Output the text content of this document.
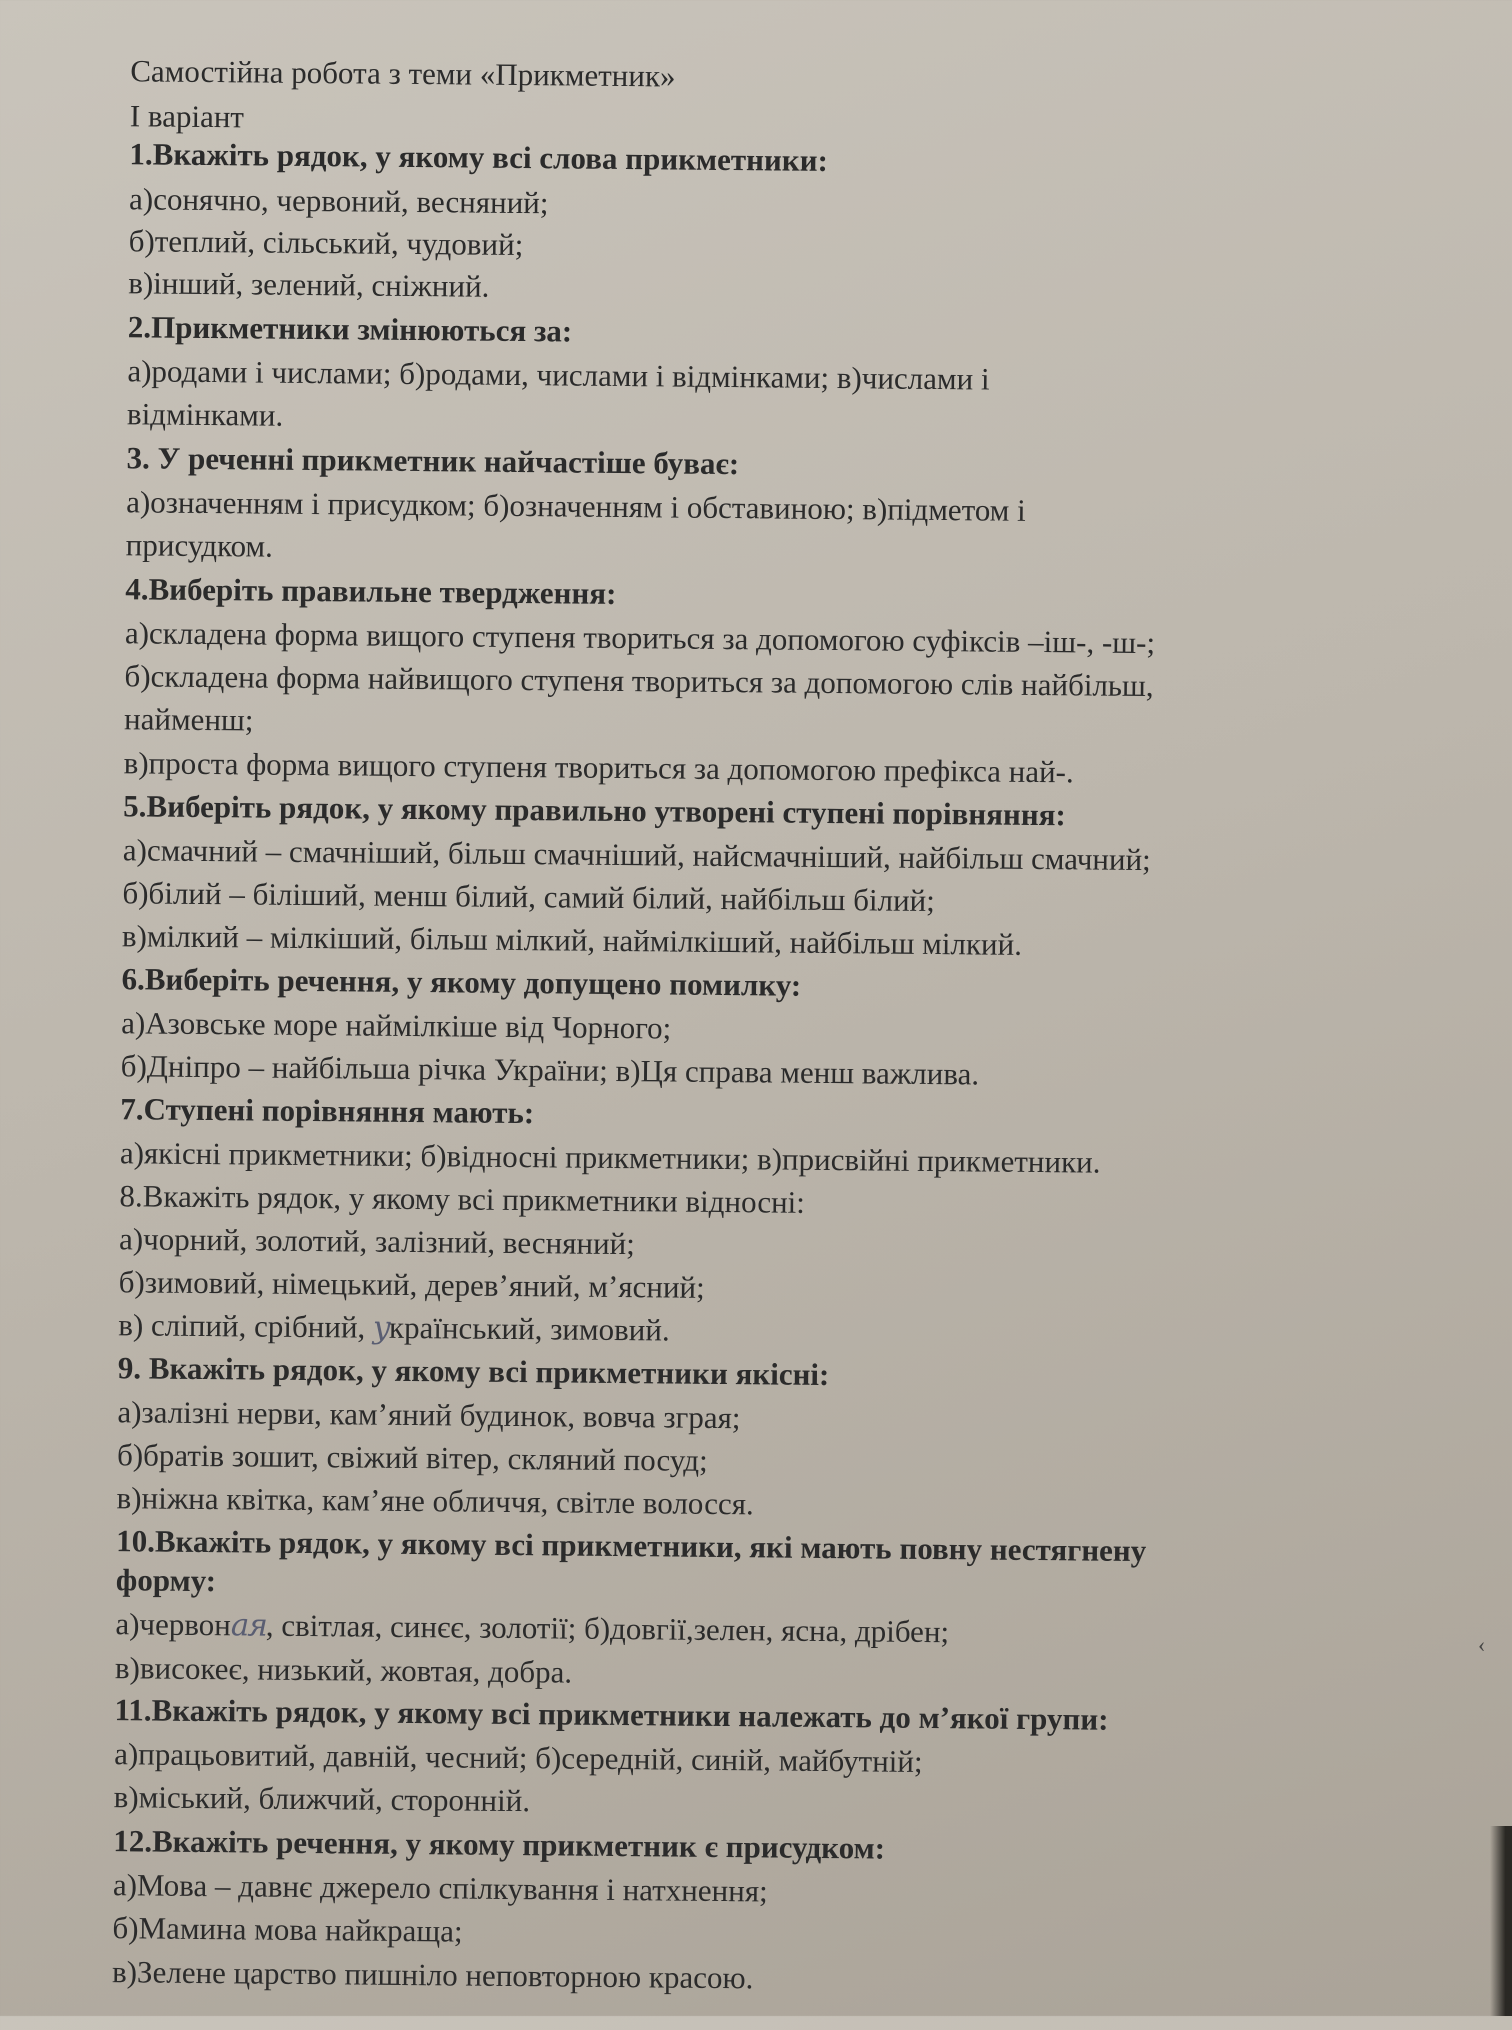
Самостійна робота з теми «Прикметник»
І варіант
1.Вкажіть рядок, у якому всі слова прикметники:
а)сонячно, червоний, весняний;
б)теплий, сільський, чудовий;
в)інший, зелений, сніжний.
2.Прикметники змінюються за:
а)родами і числами; б)родами, числами і відмінками; в)числами і
відмінками.
3. У реченні прикметник найчастіше буває:
а)означенням і присудком; б)означенням і обставиною; в)підметом і
присудком.
4.Виберіть правильне твердження:
а)складена форма вищого ступеня твориться за допомогою суфіксів –іш-, -ш-;
б)складена форма найвищого ступеня твориться за допомогою слів найбільш,
найменш;
в)проста форма вищого ступеня твориться за допомогою префікса най-.
5.Виберіть рядок, у якому правильно утворені ступені порівняння:
а)смачний – смачніший, більш смачніший, найсмачніший, найбільш смачний;
б)білий – біліший, менш білий, самий білий, найбільш білий;
в)мілкий – мілкіший, більш мілкий, наймілкіший, найбільш мілкий.
6.Виберіть речення, у якому допущено помилку:
а)Азовське море наймілкіше від Чорного;
б)Дніпро – найбільша річка України; в)Ця справа менш важлива.
7.Ступені порівняння мають:
а)якісні прикметники; б)відносні прикметники; в)присвійні прикметники.
8.Вкажіть рядок, у якому всі прикметники відносні:
а)чорний, золотий, залізний, весняний;
б)зимовий, німецький, дерев’яний, м’ясний;
в) сліпий, срібний, український, зимовий.
9. Вкажіть рядок, у якому всі прикметники якісні:
а)залізні нерви, кам’яний будинок, вовча зграя;
б)братів зошит, свіжий вітер, скляний посуд;
в)ніжна квітка, кам’яне обличчя, світле волосся.
10.Вкажіть рядок, у якому всі прикметники, які мають повну нестягнену
форму:
а)червоная, світлая, синєє, золотії; б)довгії,зелен, ясна, дрібен;
в)високеє, низький, жовтая, добра.
11.Вкажіть рядок, у якому всі прикметники належать до м’якої групи:
а)працьовитий, давній, чесний; б)середній, синій, майбутній;
в)міський, ближчий, сторонній.
12.Вкажіть речення, у якому прикметник є присудком:
а)Мова – давнє джерело спілкування і натхнення;
б)Мамина мова найкраща;
в)Зелене царство пишніло неповторною красою.
‹
